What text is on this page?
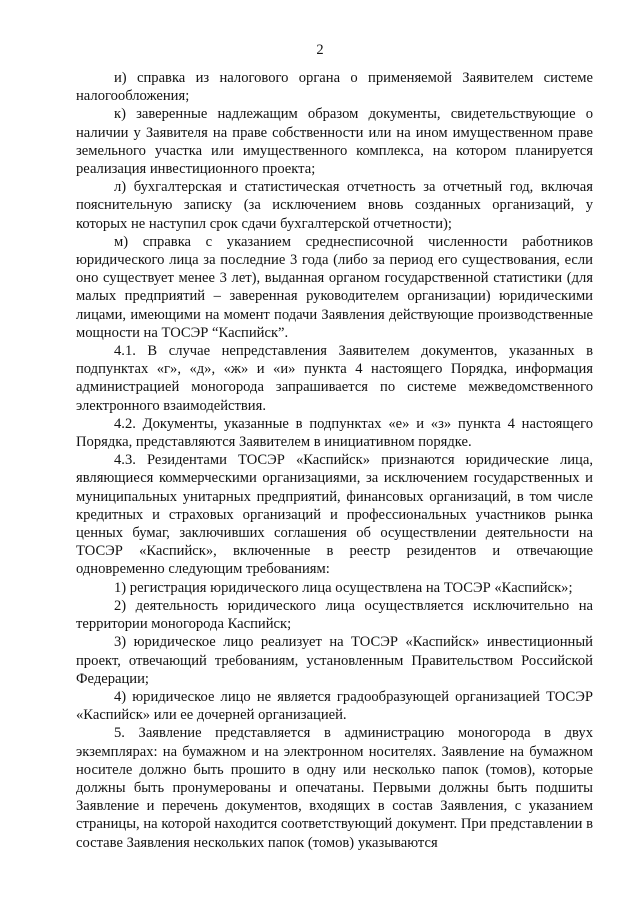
2

и) справка из налогового органа о применяемой Заявителем системе налогообложения;

к) заверенные надлежащим образом документы, свидетельствующие о наличии у Заявителя на праве собственности или на ином имущественном праве земельного участка или имущественного комплекса, на котором планируется реализация инвестиционного проекта;

л) бухгалтерская и статистическая отчетность за отчетный год, включая пояснительную записку (за исключением вновь созданных организаций, у которых не наступил срок сдачи бухгалтерской отчетности);

м) справка с указанием среднесписочной численности работников юридического лица за последние 3 года (либо за период его существования, если оно существует менее 3 лет), выданная органом государственной статистики (для малых предприятий – заверенная руководителем организации) юридическими лицами, имеющими на момент подачи Заявления действующие производственные мощности на ТОСЭР “Каспийск”.

4.1. В случае непредставления Заявителем документов, указанных в подпунктах «г», «д», «ж» и «и» пункта 4 настоящего Порядка, информация администрацией моногорода запрашивается по системе межведомственного электронного взаимодействия.

4.2. Документы, указанные в подпунктах «е» и «з» пункта 4 настоящего Порядка, представляются Заявителем в инициативном порядке.

4.3. Резидентами ТОСЭР «Каспийск» признаются юридические лица, являющиеся коммерческими организациями, за исключением государственных и муниципальных унитарных предприятий, финансовых организаций, в том числе кредитных и страховых организаций и профессиональных участников рынка ценных бумаг, заключивших соглашения об осуществлении деятельности на ТОСЭР «Каспийск», включенные в реестр резидентов и отвечающие одновременно следующим требованиям:

1) регистрация юридического лица осуществлена на ТОСЭР «Каспийск»;

2) деятельность юридического лица осуществляется исключительно на территории моногорода Каспийск;

3) юридическое лицо реализует на ТОСЭР «Каспийск» инвестиционный проект, отвечающий требованиям, установленным Правительством Российской Федерации;

4) юридическое лицо не является градообразующей организацией ТОСЭР «Каспийск» или ее дочерней организацией.

5. Заявление представляется в администрацию моногорода в двух экземплярах: на бумажном и на электронном носителях. Заявление на бумажном носителе должно быть прошито в одну или несколько папок (томов), которые должны быть пронумерованы и опечатаны. Первыми должны быть подшиты Заявление и перечень документов, входящих в состав Заявления, с указанием страницы, на которой находится соответствующий документ. При представлении в составе Заявления нескольких папок (томов) указываются
